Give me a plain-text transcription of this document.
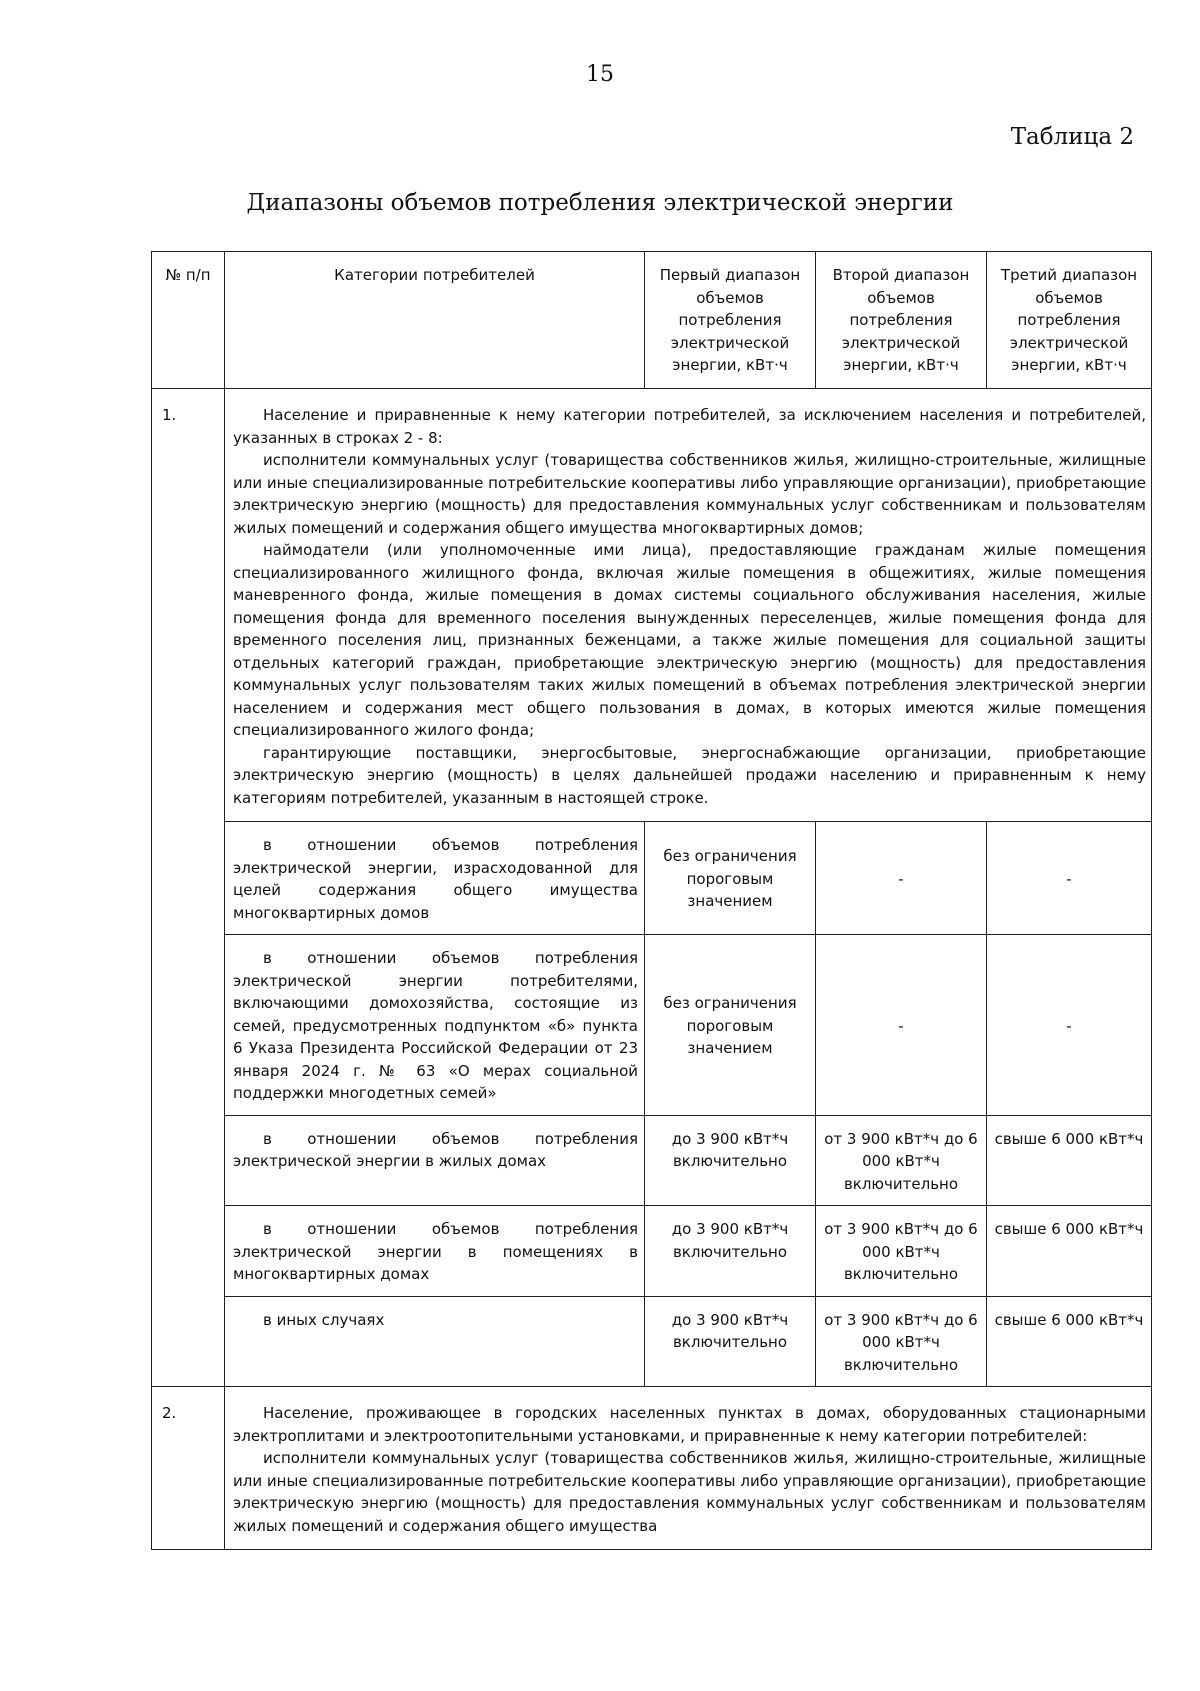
15
Таблица 2
Диапазоны объемов потребления электрической энергии
№ п/п	Категории потребителей	Первый диапазон объемов потребления электрической энергии, кВт·ч	Второй диапазон объемов потребления электрической энергии, кВт·ч	Третий диапазон объемов потребления электрической энергии, кВт·ч
1.	Население и приравненные к нему категории потребителей, за исключением населения и потребителей, указанных в строках 2 - 8:

исполнители коммунальных услуг (товарищества собственников жилья, жилищно-строительные, жилищные или иные специализированные потребительские кооперативы либо управляющие организации), приобретающие электрическую энергию (мощность) для предоставления коммунальных услуг собственникам и пользователям жилых помещений и содержания общего имущества многоквартирных домов;

наймодатели (или уполномоченные ими лица), предоставляющие гражданам жилые помещения специализированного жилищного фонда, включая жилые помещения в общежитиях, жилые помещения маневренного фонда, жилые помещения в домах системы социального обслуживания населения, жилые помещения фонда для временного поселения вынужденных переселенцев, жилые помещения фонда для временного поселения лиц, признанных беженцами, а также жилые помещения для социальной защиты отдельных категорий граждан, приобретающие электрическую энергию (мощность) для предоставления коммунальных услуг пользователям таких жилых помещений в объемах потребления электрической энергии населением и содержания мест общего пользования в домах, в которых имеются жилые помещения специализированного жилого фонда;

гарантирующие поставщики, энергосбытовые, энергоснабжающие организации, приобретающие электрическую энергию (мощность) в целях дальнейшей продажи населению и приравненным к нему категориям потребителей, указанным в настоящей строке.			

	в отношении объемов потребления электрической энергии, израсходованной для целей содержания общего имущества многоквартирных домов	без ограничения пороговым значением	-	-

	в отношении объемов потребления электрической энергии потребителями, включающими домохозяйства, состоящие из семей, предусмотренных подпунктом «б» пункта 6 Указа Президента Российской Федерации от 23 января 2024 г. № 63 «О мерах социальной поддержки многодетных семей»	без ограничения пороговым значением	-	-

	в отношении объемов потребления электрической энергии в жилых домах	до 3 900 кВт*ч включительно	от 3 900 кВт*ч до 6 000 кВт*ч включительно	свыше 6 000 кВт*ч

	в отношении объемов потребления электрической энергии в помещениях в многоквартирных домах	до 3 900 кВт*ч включительно	от 3 900 кВт*ч до 6 000 кВт*ч включительно	свыше 6 000 кВт*ч

	в иных случаях	до 3 900 кВт*ч включительно	от 3 900 кВт*ч до 6 000 кВт*ч включительно	свыше 6 000 кВт*ч
2.	Население, проживающее в городских населенных пунктах в домах, оборудованных стационарными электроплитами и электроотопительными установками, и приравненные к нему категории потребителей:

исполнители коммунальных услуг (товарищества собственников жилья, жилищно-строительные, жилищные или иные специализированные потребительские кооперативы либо управляющие организации), приобретающие электрическую энергию (мощность) для предоставления коммунальных услуг собственникам и пользователям жилых помещений и содержания общего имущества			
